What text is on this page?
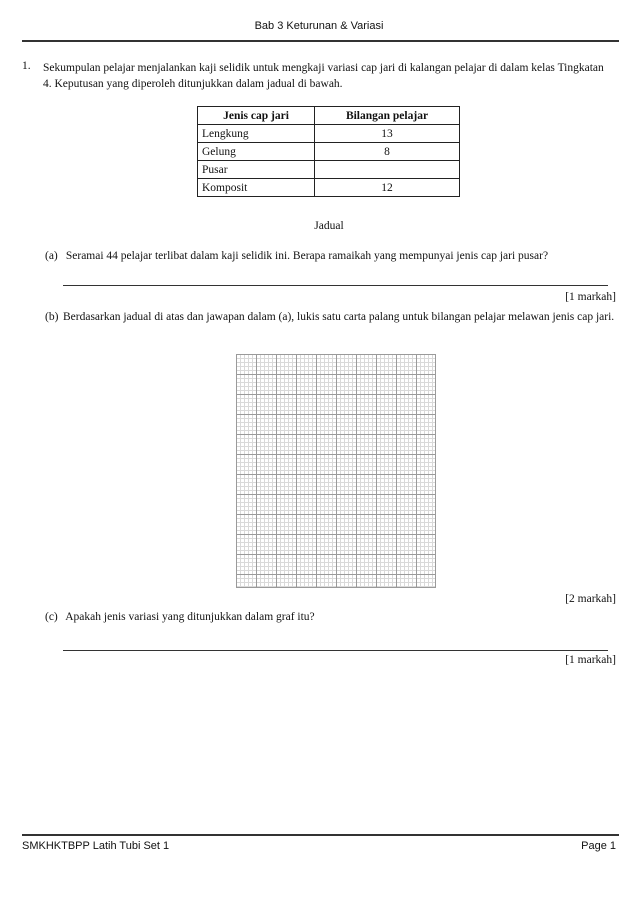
Bab 3 Keturunan & Variasi
1. Sekumpulan pelajar menjalankan kaji selidik untuk mengkaji variasi cap jari di kalangan pelajar di dalam kelas Tingkatan 4. Keputusan yang diperoleh ditunjukkan dalam jadual di bawah.
Jenis cap jari	Bilangan pelajar
Lengkung	13
Gelung	8
Pusar	
Komposit	12
Jadual
(a) Seramai 44 pelajar terlibat dalam kaji selidik ini. Berapa ramaikah yang mempunyai jenis cap jari pusar?
[1 markah]
(b) Berdasarkan jadual di atas dan jawapan dalam (a), lukis satu carta palang untuk bilangan pelajar melawan jenis cap jari.
[2 markah]
(c) Apakah jenis variasi yang ditunjukkan dalam graf itu?
[1 markah]
SMKHKTBPP Latih Tubi Set 1	Page 1
